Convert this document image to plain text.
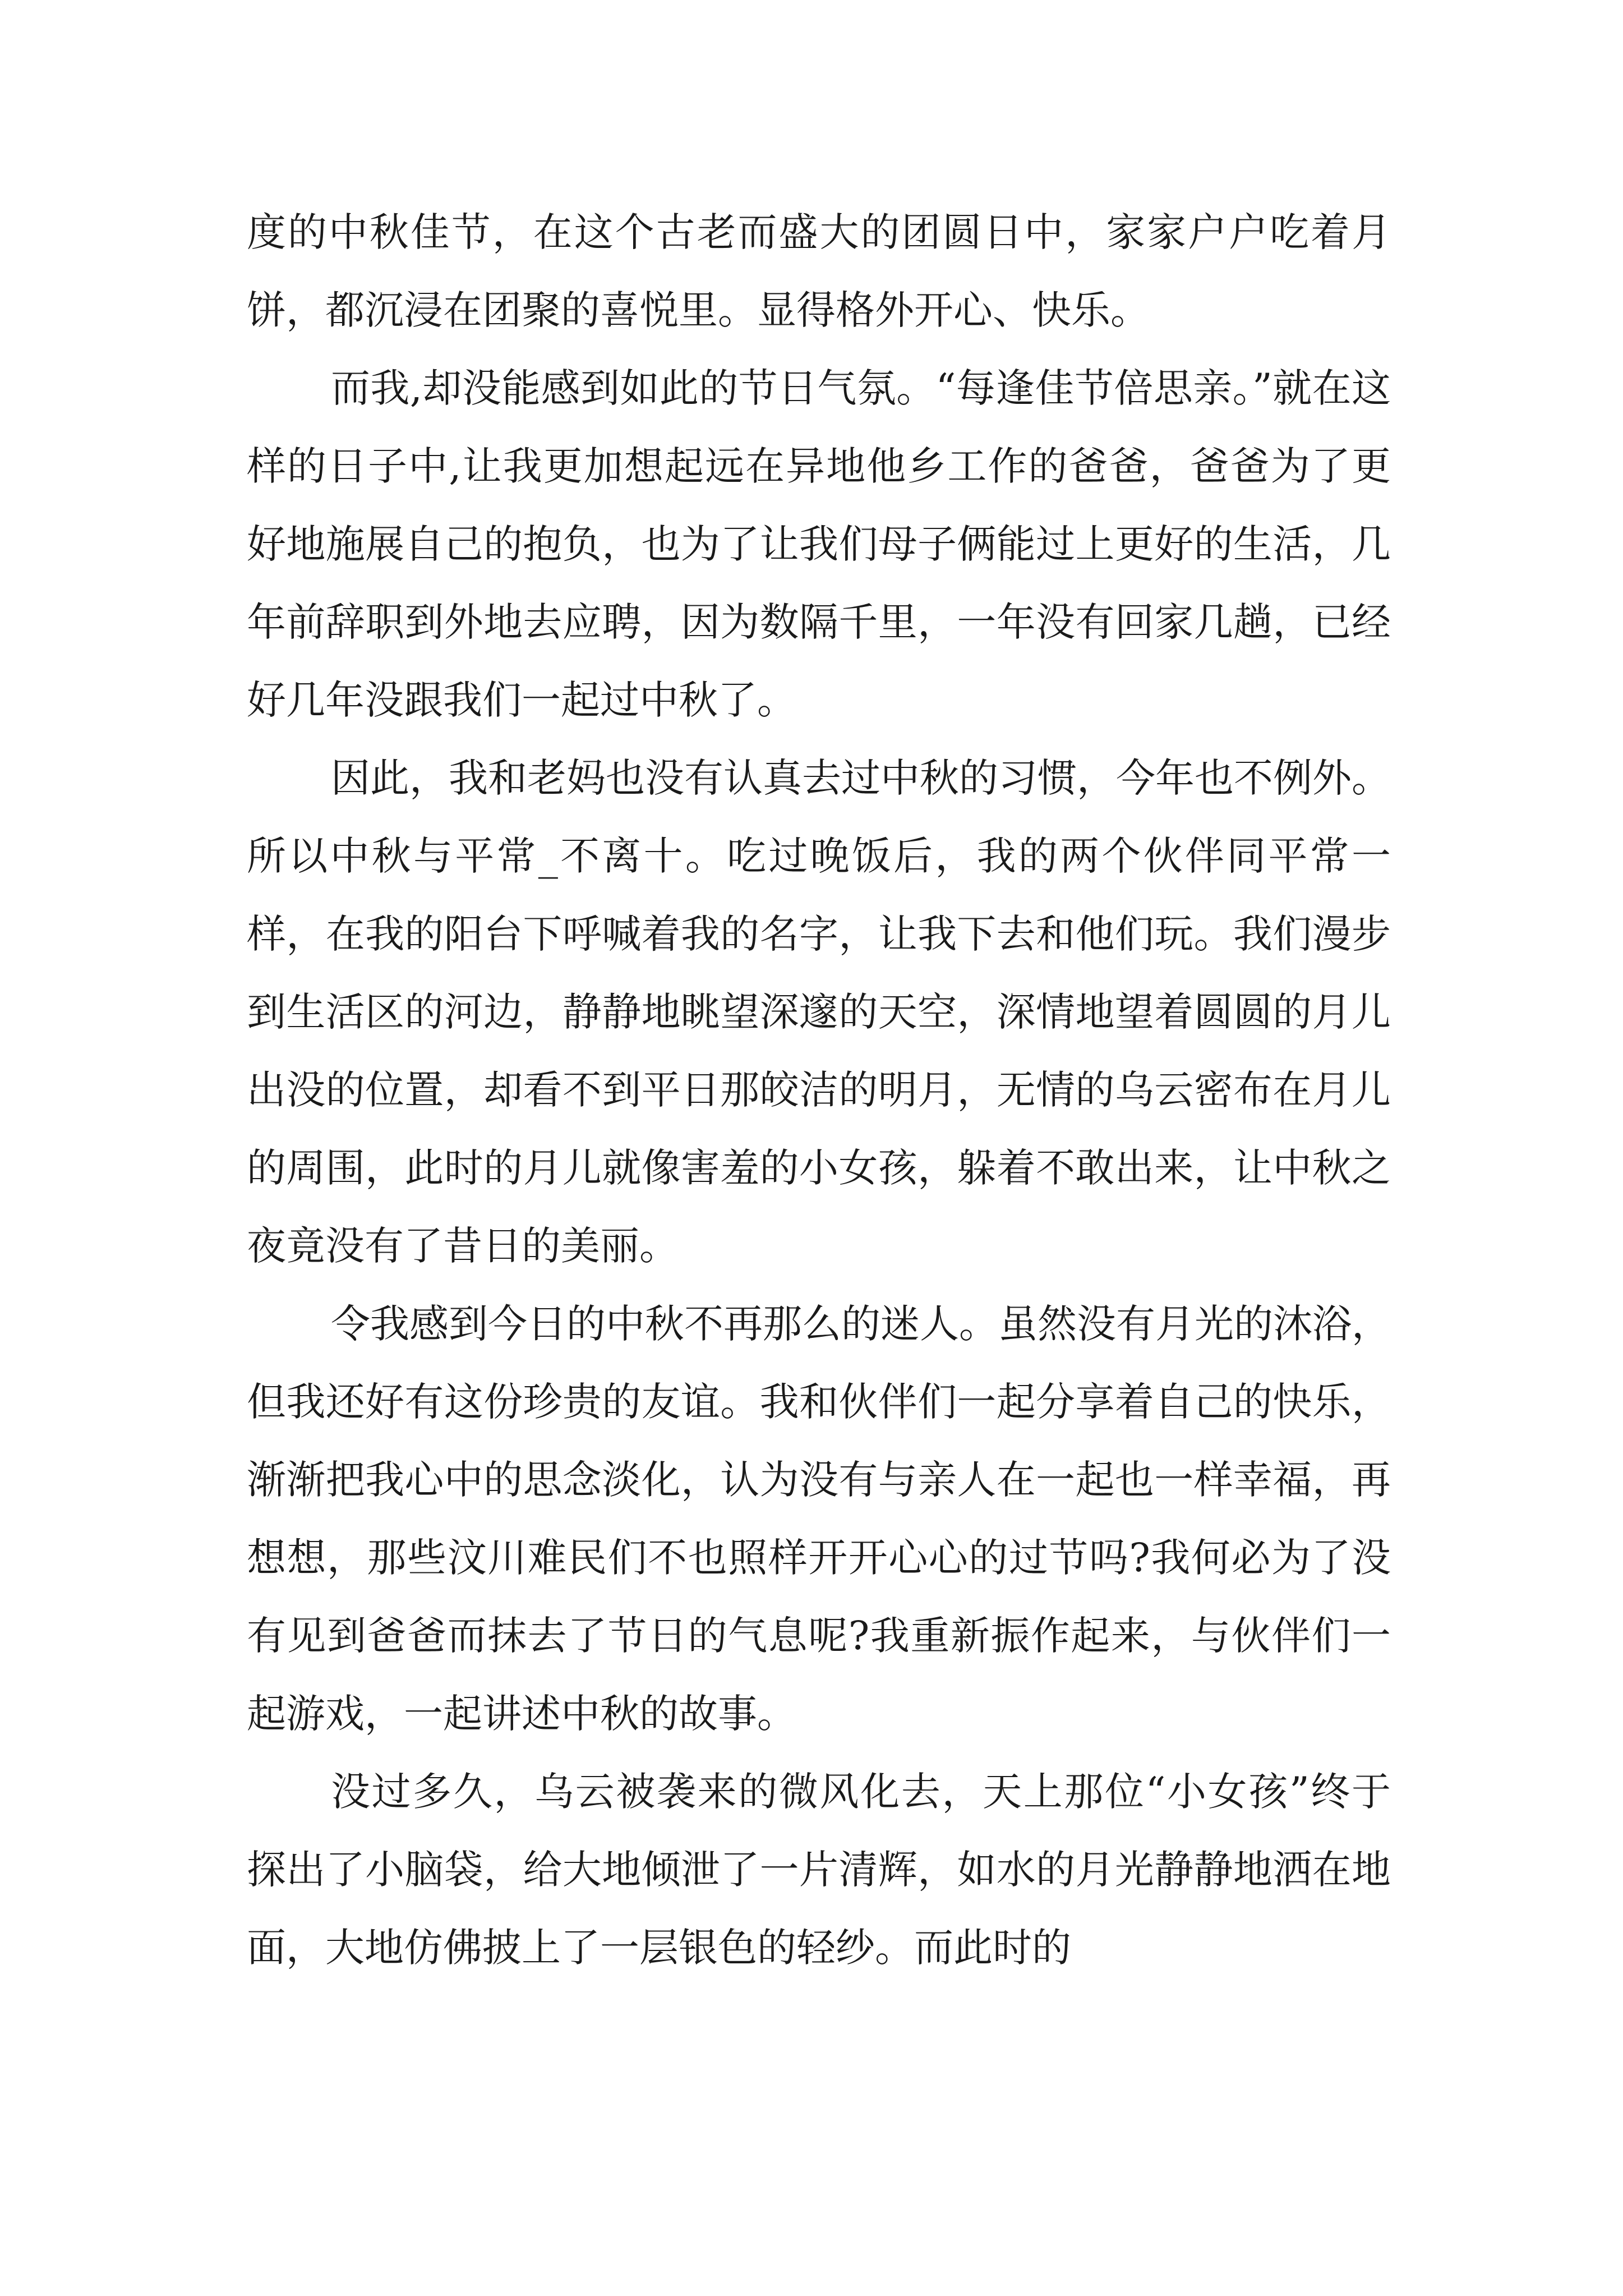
度的中秋佳节，在这个古老而盛大的团圆日中，家家户户吃着月饼，都沉浸在团聚的喜悦里。显得格外开心、快乐。

而我,却没能感到如此的节日气氛。“每逢佳节倍思亲。”就在这样的日子中,让我更加想起远在异地他乡工作的爸爸，爸爸为了更好地施展自己的抱负，也为了让我们母子俩能过上更好的生活，几年前辞职到外地去应聘，因为数隔千里，一年没有回家几趟，已经好几年没跟我们一起过中秋了。

因此，我和老妈也没有认真去过中秋的习惯，今年也不例外。所以中秋与平常_不离十。吃过晚饭后，我的两个伙伴同平常一样，在我的阳台下呼喊着我的名字，让我下去和他们玩。我们漫步到生活区的河边，静静地眺望深邃的天空，深情地望着圆圆的月儿出没的位置，却看不到平日那皎洁的明月，无情的乌云密布在月儿的周围，此时的月儿就像害羞的小女孩，躲着不敢出来，让中秋之夜竟没有了昔日的美丽。

令我感到今日的中秋不再那么的迷人。虽然没有月光的沐浴，但我还好有这份珍贵的友谊。我和伙伴们一起分享着自己的快乐，渐渐把我心中的思念淡化，认为没有与亲人在一起也一样幸福，再想想，那些汶川难民们不也照样开开心心的过节吗?我何必为了没有见到爸爸而抹去了节日的气息呢?我重新振作起来，与伙伴们一起游戏，一起讲述中秋的故事。

没过多久，乌云被袭来的微风化去，天上那位“小女孩”终于探出了小脑袋，给大地倾泄了一片清辉，如水的月光静静地洒在地面，大地仿佛披上了一层银色的轻纱。而此时的
